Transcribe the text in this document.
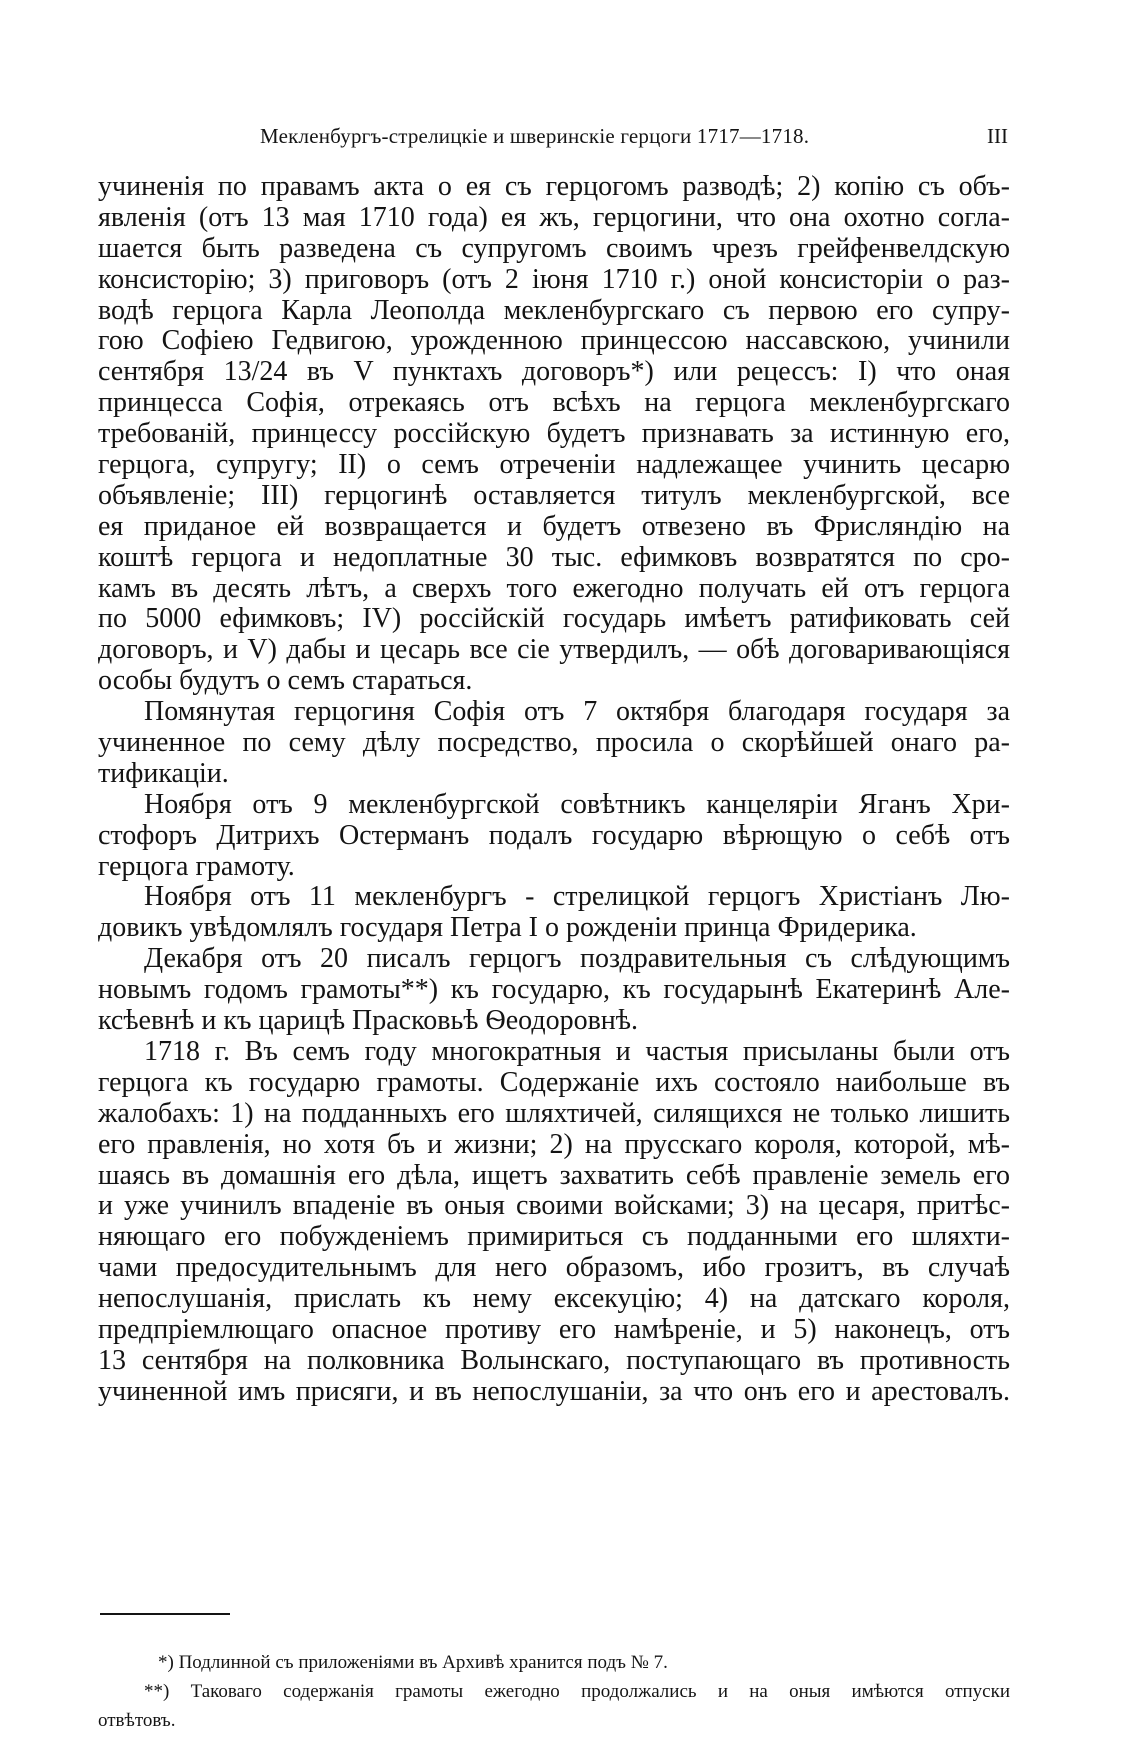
Мекленбургъ-стрелицкіе и шверинскіе герцоги 1717—1718.	III
учиненія по правамъ акта о ея съ герцогомъ разводѣ; 2) копію съ объ-
явленія (отъ 13 мая 1710 года) ея жъ, герцогини, что она охотно согла-
шается быть разведена съ супругомъ своимъ чрезъ грейфенвелдскую
консисторію; 3) приговоръ (отъ 2 іюня 1710 г.) оной консисторіи о раз-
водѣ герцога Карла Леополда мекленбургскаго съ первою его супру-
гою Софіею Гедвигою, урожденною принцессою нассавскою, учинили
сентября 13/24 въ V пунктахъ договоръ*) или рецессъ: I) что оная
принцесса Софія, отрекаясь отъ всѣхъ на герцога мекленбургскаго
требованій, принцессу россійскую будетъ признавать за истинную его,
герцога, супругу; II) о семъ отреченіи надлежащее учинить цесарю
объявленіе; III) герцогинѣ оставляется титулъ мекленбургской, все
ея приданое ей возвращается и будетъ отвезено въ Фрисляндію на
коштѣ герцога и недоплатные 30 тыс. ефимковъ возвратятся по сро-
камъ въ десять лѣтъ, а сверхъ того ежегодно получать ей отъ герцога
по 5000 ефимковъ; IV) россійскій государь имѣетъ ратификовать сей
договоръ, и V) дабы и цесарь все сіе утвердилъ, — обѣ договаривающіяся
особы будутъ о семъ стараться.
Помянутая герцогиня Софія отъ 7 октября благодаря государя за
учиненное по сему дѣлу посредство, просила о скорѣйшей онаго ра-
тификаціи.
Ноября отъ 9 мекленбургской совѣтникъ канцеляріи Яганъ Хри-
стофоръ Дитрихъ Остерманъ подалъ государю вѣрющую о себѣ отъ
герцога грамоту.
Ноября отъ 11 мекленбургъ - стрелицкой герцогъ Христіанъ Лю-
довикъ увѣдомлялъ государя Петра I о рожденіи принца Фридерика.
Декабря отъ 20 писалъ герцогъ поздравительныя съ слѣдующимъ
новымъ годомъ грамоты**) къ государю, къ государынѣ Екатеринѣ Але-
ксѣевнѣ и къ царицѣ Прасковьѣ Ѳеодоровнѣ.
1718 г. Въ семъ году многократныя и частыя присыланы были отъ
герцога къ государю грамоты. Содержаніе ихъ состояло наибольше въ
жалобахъ: 1) на подданныхъ его шляхтичей, силящихся не только лишить
его правленія, но хотя бъ и жизни; 2) на прусскаго короля, которой, мѣ-
шаясь въ домашнія его дѣла, ищетъ захватить себѣ правленіе земель его
и уже учинилъ впаденіе въ оныя своими войсками; 3) на цесаря, притѣс-
няющаго его побужденіемъ примириться съ подданными его шляхти-
чами предосудительнымъ для него образомъ, ибо грозитъ, въ случаѣ
непослушанія, прислать къ нему ексекуцію; 4) на датскаго короля,
предпріемлющаго опасное противу его намѣреніе, и 5) наконецъ, отъ
13 сентября на полковника Волынскаго, поступающаго въ противность
учиненной имъ присяги, и въ непослушаніи, за что онъ его и арестовалъ.
*) Подлинной съ приложеніями въ Архивѣ хранится подъ № 7.
**) Таковаго содержанія грамоты ежегодно продолжались и на оныя имѣются отпуски
отвѣтовъ.
